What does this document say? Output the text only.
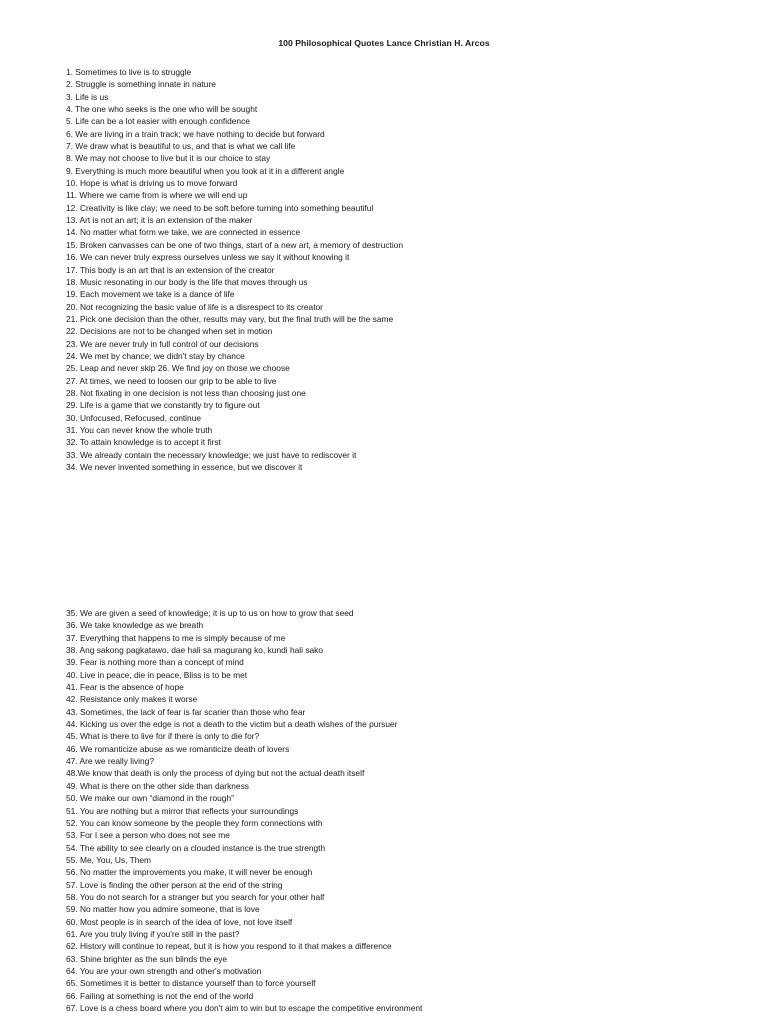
100 Philosophical Quotes Lance Christian H. Arcos
1. Sometimes to live is to struggle
2. Struggle is something innate in nature
3. Life is us
4. The one who seeks is the one who will be sought
5. Life can be a lot easier with enough confidence
6. We are living in a train track; we have nothing to decide but forward
7. We draw what is beautiful to us, and that is what we call life
8. We may not choose to live but it is our choice to stay
9. Everything is much more beautiful when you look at it in a different angle
10. Hope is what is driving us to move forward
11. Where we came from is where we will end up
12. Creativity is like clay; we need to be soft before turning into something beautiful
13. Art is not an art; it is an extension of the maker
14. No matter what form we take, we are connected in essence
15. Broken canvasses can be one of two things, start of a new art, a memory of destruction
16. We can never truly express ourselves unless we say it without knowing it
17. This body is an art that is an extension of the creator
18. Music resonating in our body is the life that moves through us
19. Each movement we take is a dance of life
20. Not recognizing the basic value of life is a disrespect to its creator
21. Pick one decision than the other, results may vary, but the final truth will be the same
22. Decisions are not to be changed when set in motion
23. We are never truly in full control of our decisions
24. We met by chance; we didn't stay by chance
25. Leap and never skip 26. We find joy on those we choose
27. At times, we need to loosen our grip to be able to live
28. Not fixating in one decision is not less than choosing just one
29. Life is a game that we constantly try to figure out
30. Unfocused, Refocused, continue
31. You can never know the whole truth
32. To attain knowledge is to accept it first
33. We already contain the necessary knowledge; we just have to rediscover it
34. We never invented something in essence, but we discover it
35. We are given a seed of knowledge; it is up to us on how to grow that seed
36. We take knowledge as we breath
37. Everything that happens to me is simply because of me
38. Ang sakong pagkatawo, dae hali sa magurang ko, kundi hali sako
39. Fear is nothing more than a concept of mind
40. Live in peace, die in peace, Bliss is to be met
41. Fear is the absence of hope
42. Resistance only makes it worse
43. Sometimes, the lack of fear is far scarier than those who fear
44. Kicking us over the edge is not a death to the victim but a death wishes of the pursuer
45. What is there to live for if there is only to die for?
46. We romanticize abuse as we romanticize death of lovers
47. Are we really living?
48.We know that death is only the process of dying but not the actual death itself
49. What is there on the other side than darkness
50. We make our own “diamond in the rough”
51. You are nothing but a mirror that reflects your surroundings
52. You can know someone by the people they form connections with
53. For I see a person who does not see me
54. The ability to see clearly on a clouded instance is the true strength
55. Me, You, Us, Them
56. No matter the improvements you make, it will never be enough
57. Love is finding the other person at the end of the string
58. You do not search for a stranger but you search for your other half
59. No matter how you admire someone, that is love
60. Most people is in search of the idea of love, not love itself
61. Are you truly living if you're still in the past?
62. History will continue to repeat, but it is how you respond to it that makes a difference
63. Shine brighter as the sun blinds the eye
64. You are your own strength and other's motivation
65. Sometimes it is better to distance yourself than to force yourself
66. Failing at something is not the end of the world
67. Love is a chess board where you don't aim to win but to escape the competitive environment
